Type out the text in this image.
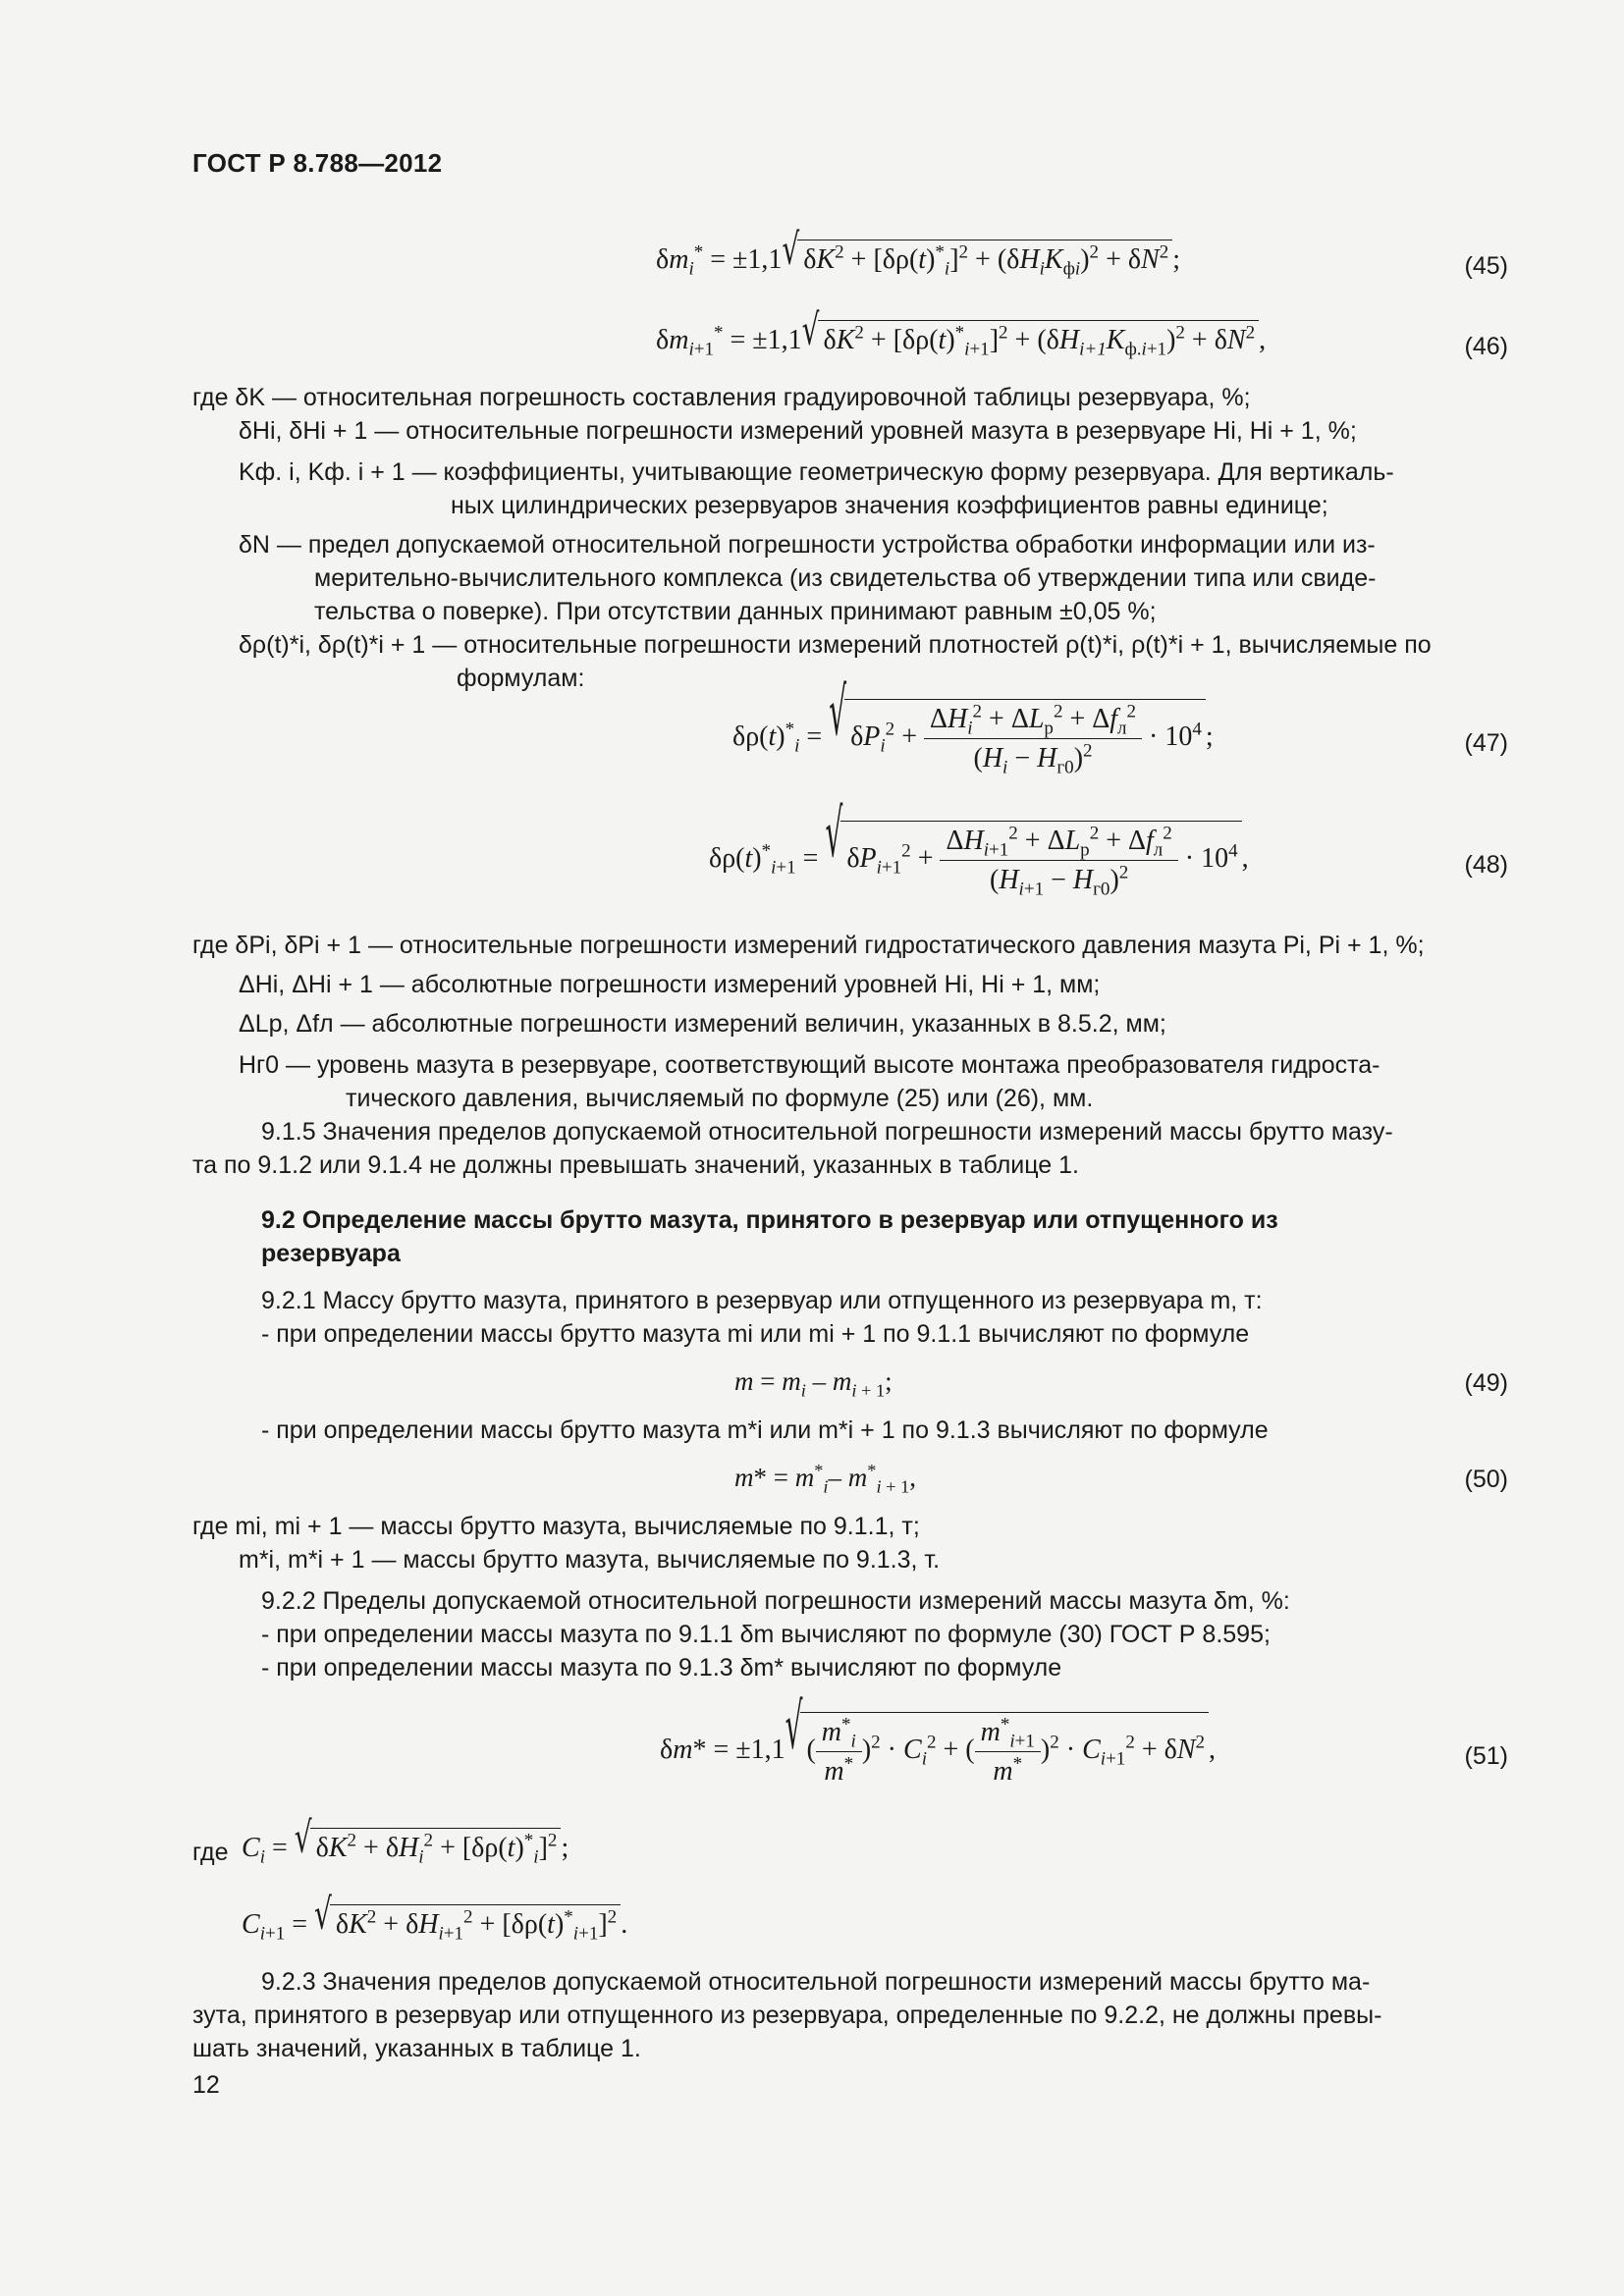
ГОСТ Р 8.788—2012
$\delta m_i^* = \pm 1,1√$ $\delta K^2 + [\delta\rho(t)^*_i]^2 + (\delta H_iK_{фi})^2 + \delta N^2$ ;	(45)
$\delta m_{i+1}^* = \pm 1,1√$ $\delta K^2 + [\delta\rho(t)^*_{i+1}]^2 + (\delta H_{i+1}K_{ф.i+1})^2 + \delta N^2$ ,	(46)
где δK — относительная погрешность составления градуировочной таблицы резервуара, %;
δHi, δHi + 1 — относительные погрешности измерений уровней мазута в резервуаре Hi, Hi + 1, %;
Kф. i, Kф. i + 1 — коэффициенты, учитывающие геометрическую форму резервуара. Для вертикаль-
ных цилиндрических резервуаров значения коэффициентов равны единице;
δN — предел допускаемой относительной погрешности устройства обработки информации или из-
мерительно-вычислительного комплекса (из свидетельства об утверждении типа или свиде-
тельства о поверке). При отсутствии данных принимают равным ±0,05 %;
δρ(t)*i, δρ(t)*i + 1 — относительные погрешности измерений плотностей ρ(t)*i, ρ(t)*i + 1, вычисляемые по
формулам:
$\delta\rho(t)^*_i$ = √ $\delta P_i^2 + \frac{\Delta H_i^2 + \Delta L_р^2 + \Delta f_л^2}{(H_i - H_{г0})^2} \cdot 10^4$ ;	(47)
$\delta\rho(t)^*_{i+1}$ = √ $\delta P_{i+1}^2 + \frac{\Delta H_{i+1}^2 + \Delta L_р^2 + \Delta f_л^2}{(H_{i+1} - H_{г0})^2} \cdot 10^4$ ,	(48)
где δPi, δPi + 1 — относительные погрешности измерений гидростатического давления мазута Pi, Pi + 1, %;
ΔHi, ΔHi + 1 — абсолютные погрешности измерений уровней Hi, Hi + 1, мм;
ΔLp, Δfл — абсолютные погрешности измерений величин, указанных в 8.5.2, мм;
Hг0 — уровень мазута в резервуаре, соответствующий высоте монтажа преобразователя гидроста-
тического давления, вычисляемый по формуле (25) или (26), мм.
9.1.5 Значения пределов допускаемой относительной погрешности измерений массы брутто мазу-
та по 9.1.2 или 9.1.4 не должны превышать значений, указанных в таблице 1.
9.2 Определение массы брутто мазута, принятого в резервуар или отпущенного из
резервуара
9.2.1 Массу брутто мазута, принятого в резервуар или отпущенного из резервуара m, т:
- при определении массы брутто мазута mi или mi + 1 по 9.1.1 вычисляют по формуле
$m = m_i - m_{i + 1}$;	(49)
- при определении массы брутто мазута m*i или m*i + 1 по 9.1.3 вычисляют по формуле
$m* = m^*_i-$ $m^*_{i + 1}$,	(50)
где mi, mi + 1 — массы брутто мазута, вычисляемые по 9.1.1, т;
m*i, m*i + 1 — массы брутто мазута, вычисляемые по 9.1.3, т.
9.2.2 Пределы допускаемой относительной погрешности измерений массы мазута δm, %:
- при определении массы мазута по 9.1.1 δm вычисляют по формуле (30) ГОСТ Р 8.595;
- при определении массы мазута по 9.1.3 δm* вычисляют по формуле
δm* = ±1,1√ ( $\frac{m^*_i}{m^*} )^2 \cdot C_i^2$ + ( $\frac{m^*_{i+1}}{m^*} )^2 \cdot C_{i+1}^2 + \delta N^2$ ,	(51)
где $C_i$ = √ $\delta K^2 + \delta H_i^2 + [\delta\rho(t)^*_i]^2$ ;
$C_{i+1}$ = √ $\delta K^2 + \delta H_{i+1}^2 + [\delta\rho(t)^*_{i+1}]^2$ .
9.2.3 Значения пределов допускаемой относительной погрешности измерений массы брутто ма-
зута, принятого в резервуар или отпущенного из резервуара, определенные по 9.2.2, не должны превы-
шать значений, указанных в таблице 1.
12
